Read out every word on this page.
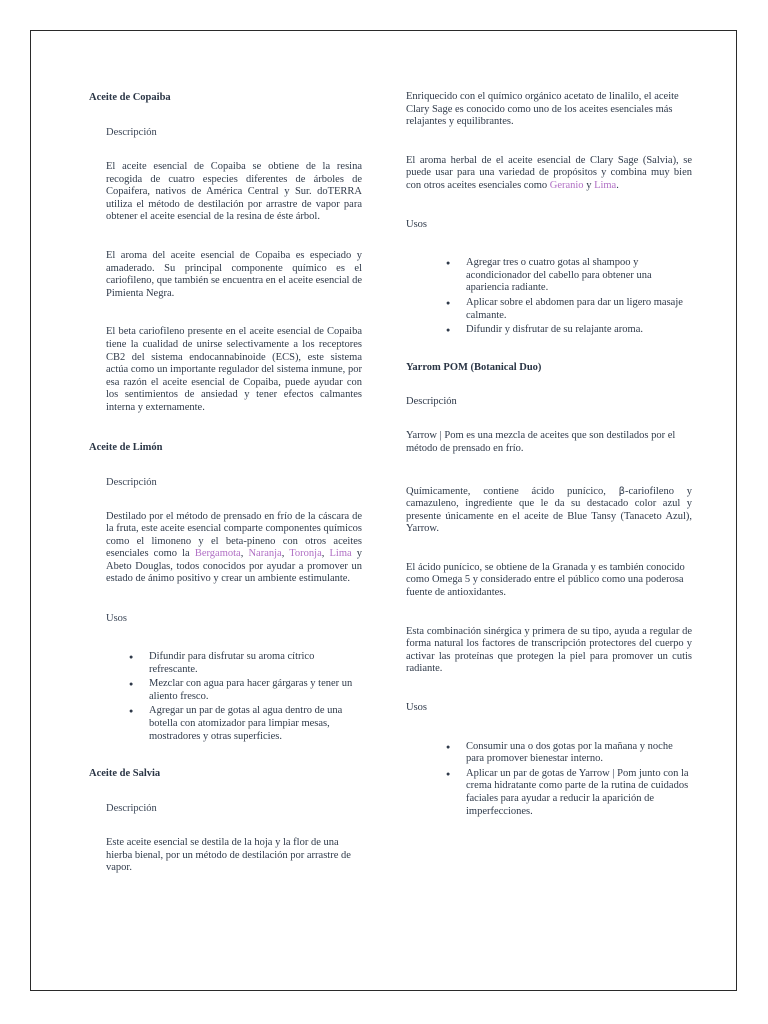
Aceite de Copaiba

Descripción

El aceite esencial de Copaiba se obtiene de la resina recogida de cuatro especies diferentes de árboles de Copaifera, nativos de América Central y Sur. doTERRA utiliza el método de destilación por arrastre de vapor para obtener el aceite esencial de la resina de éste árbol.

El aroma del aceite esencial de Copaiba es especiado y amaderado. Su principal componente químico es el cariofileno, que también se encuentra en el aceite esencial de Pimienta Negra.

El beta cariofileno presente en el aceite esencial de Copaiba tiene la cualidad de unirse selectivamente a los receptores CB2 del sistema endocannabinoide (ECS), este sistema actúa como un importante regulador del sistema inmune, por esa razón el aceite esencial de Copaiba, puede ayudar con los sentimientos de ansiedad y tener efectos calmantes interna y externamente.

Aceite de Limón

Descripción

Destilado por el método de prensado en frío de la cáscara de la fruta, este aceite esencial comparte componentes químicos como el limoneno y el beta-pineno con otros aceites esenciales como la Bergamota, Naranja, Toronja, Lima y Abeto Douglas, todos conocidos por ayudar a promover un estado de ánimo positivo y crear un ambiente estimulante.

Usos

● Difundir para disfrutar su aroma cítrico refrescante.
● Mezclar con agua para hacer gárgaras y tener un aliento fresco.
● Agregar un par de gotas al agua dentro de una botella con atomizador para limpiar mesas, mostradores y otras superficies.

Aceite de Salvia

Descripción

Este aceite esencial se destila de la hoja y la flor de una hierba bienal, por un método de destilación por arrastre de vapor.

Enriquecido con el químico orgánico acetato de linalilo, el aceite Clary Sage es conocido como uno de los aceites esenciales más relajantes y equilibrantes.

El aroma herbal de el aceite esencial de Clary Sage (Salvia), se puede usar para una variedad de propósitos y combina muy bien con otros aceites esenciales como Geranio y Lima.

Usos

● Agregar tres o cuatro gotas al shampoo y acondicionador del cabello para obtener una apariencia radiante.
● Aplicar sobre el abdomen para dar un ligero masaje calmante.
● Difundir y disfrutar de su relajante aroma.

Yarrom POM (Botanical Duo)

Descripción

Yarrow | Pom es una mezcla de aceites que son destilados por el método de prensado en frío.

Químicamente, contiene ácido punícico, β-cariofileno y camazuleno, ingrediente que le da su destacado color azul y presente únicamente en el aceite de Blue Tansy (Tanaceto Azul), Yarrow.

El ácido punícico, se obtiene de la Granada y es también conocido como Omega 5 y considerado entre el público como una poderosa fuente de antioxidantes.

Esta combinación sinérgica y primera de su tipo, ayuda a regular de forma natural los factores de transcripción protectores del cuerpo y activar las proteínas que protegen la piel para promover un cutis radiante.

Usos

● Consumir una o dos gotas por la mañana y noche para promover bienestar interno.
● Aplicar un par de gotas de Yarrow | Pom junto con la crema hidratante como parte de la rutina de cuidados faciales para ayudar a reducir la aparición de imperfecciones.
